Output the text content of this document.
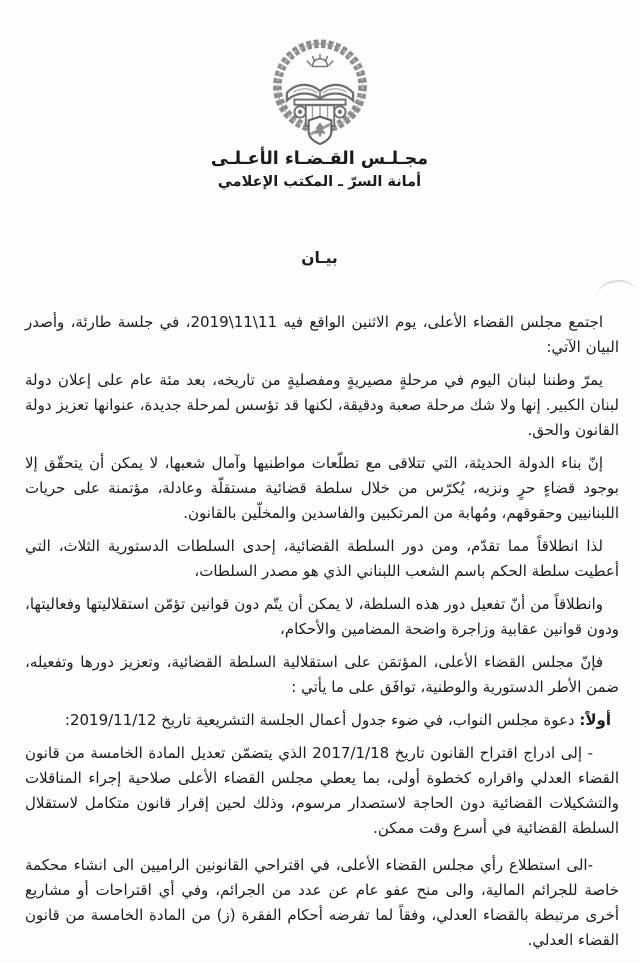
مجـلـس القـضـاء الأعـلـى
أمانة السرّ ـ المكتب الإعلامي
بيـان

اجتمع مجلس القضاء الأعلى، يوم الاثنين الواقع فيه 11\11\2019، في جلسة طارئة، وأصدر البيان الآتي:

يمرّ وطننا لبنان اليوم في مرحلةٍ مصيريةٍ ومفصليةٍ من تاريخه، بعد مئة عام على إعلان دولة لبنان الكبير. إنها ولا شك مرحلة صعبة ودقيقة، لكنها قد تؤسس لمرحلة جديدة، عنوانها تعزيز دولة القانون والحق.

إنّ بناء الدولة الحديثة، التي تتلاقى مع تطلّعات مواطنيها وآمال شعبها، لا يمكن أن يتحقّق إلا بوجود قضاءٍ حرٍ ونزيه، يُكرّس من خلال سلطة قضائية مستقلّة وعادلة، مؤتمنة على حريات اللبنانيين وحقوقهم، ومُهابة من المرتكبين والفاسدين والمخلّين بالقانون.

لذا انطلاقاً مما تقدّم، ومن دور السلطة القضائية، إحدى السلطات الدستورية الثلاث، التي أعطيت سلطة الحكم باسم الشعب اللبناني الذي هو مصدر السلطات،

وانطلاقاً من أنّ تفعيل دور هذه السلطة، لا يمكن أن يتّم دون قوانين تؤمّن استقلاليتها وفعاليتها، ودون قوانين عقابية وزاجرة واضحة المضامين والأحكام،

فإنّ مجلس القضاء الأعلى، المؤتمَن على استقلالية السلطة القضائية، وتعزيز دورها وتفعيله، ضمن الأطر الدستورية والوطنية، توافَق على ما يأتي :

أولاً: دعوة مجلس النواب، في ضوء جدول أعمال الجلسة التشريعية تاريخ 2019/11/12:

- إلى ادراج اقتراح القانون تاريخ 2017/1/18 الذي يتضمّن تعديل المادة الخامسة من قانون القضاء العدلي واقراره كخطوة أولى، بما يعطي مجلس القضاء الأعلى صلاحية إجراء المناقلات والتشكيلات القضائية دون الحاجة لاستصدار مرسوم، وذلك لحين إقرار قانون متكامل لاستقلال السلطة القضائية في أسرع وقت ممكن.

-الى استطلاع رأي مجلس القضاء الأعلى، في اقتراحي القانونين الراميين الى انشاء محكمة خاصة للجرائم المالية، والى منح عفو عام عن عدد من الجرائم، وفي أي اقتراحات أو مشاريع أخرى مرتبطة بالقضاء العدلي، وفقاً لما تفرضه أحكام الفقرة (ز) من المادة الخامسة من قانون القضاء العدلي.
